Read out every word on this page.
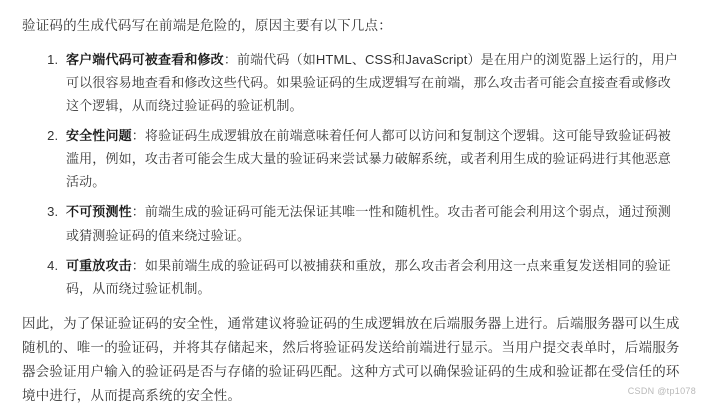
验证码的生成代码写在前端是危险的，原因主要有以下几点：

1. 客户端代码可被查看和修改：前端代码（如HTML、CSS和JavaScript）是在用户的浏览器上运行的，用户可以很容易地查看和修改这些代码。如果验证码的生成逻辑写在前端，那么攻击者可能会直接查看或修改这个逻辑，从而绕过验证码的验证机制。
2. 安全性问题：将验证码生成逻辑放在前端意味着任何人都可以访问和复制这个逻辑。这可能导致验证码被滥用，例如，攻击者可能会生成大量的验证码来尝试暴力破解系统，或者利用生成的验证码进行其他恶意活动。
3. 不可预测性：前端生成的验证码可能无法保证其唯一性和随机性。攻击者可能会利用这个弱点，通过预测或猜测验证码的值来绕过验证。
4. 可重放攻击：如果前端生成的验证码可以被捕获和重放，那么攻击者会利用这一点来重复发送相同的验证码，从而绕过验证机制。

因此，为了保证验证码的安全性，通常建议将验证码的生成逻辑放在后端服务器上进行。后端服务器可以生成随机的、唯一的验证码，并将其存储起来，然后将验证码发送给前端进行显示。当用户提交表单时，后端服务器会验证用户输入的验证码是否与存储的验证码匹配。这种方式可以确保验证码的生成和验证都在受信任的环境中进行，从而提高系统的安全性。	CSDN @tp1078
